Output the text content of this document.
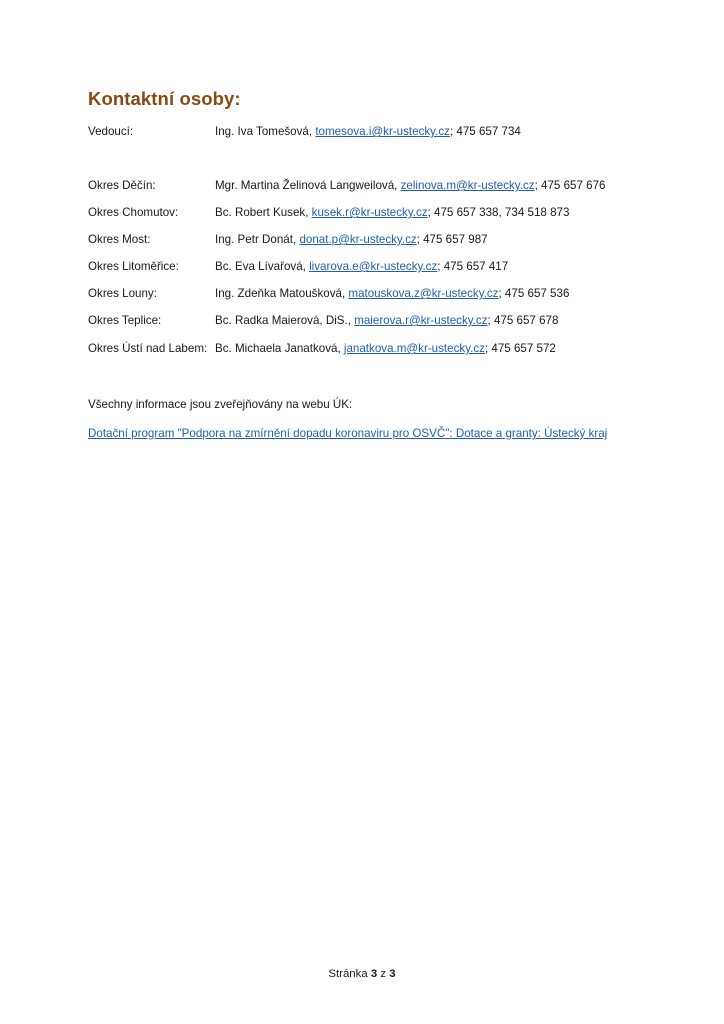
Kontaktní osoby:
Vedoucí:	Ing. Iva Tomešová, tomesova.i@kr-ustecky.cz; 475 657 734
Okres Děčín:	Mgr. Martina Želinová Langweilová, zelinova.m@kr-ustecky.cz; 475 657 676
Okres Chomutov:	Bc. Robert Kusek, kusek.r@kr-ustecky.cz; 475 657 338, 734 518 873
Okres Most:	Ing. Petr Donát, donat.p@kr-ustecky.cz; 475 657 987
Okres Litoměřice:	Bc. Eva Lívařová, livarova.e@kr-ustecky.cz; 475 657 417
Okres Louny:	Ing. Zdeňka Matoušková, matouskova.z@kr-ustecky.cz; 475 657 536
Okres Teplice:	Bc. Radka Maierová, DiS., maierova.r@kr-ustecky.cz; 475 657 678
Okres Ústí nad Labem: Bc. Michaela Janatková, janatkova.m@kr-ustecky.cz; 475 657 572
Všechny informace jsou zveřejňovány na webu ÚK:
Dotační program "Podpora na zmírnění dopadu koronaviru pro OSVČ": Dotace a granty: Ústecký kraj
Stránka 3 z 3
